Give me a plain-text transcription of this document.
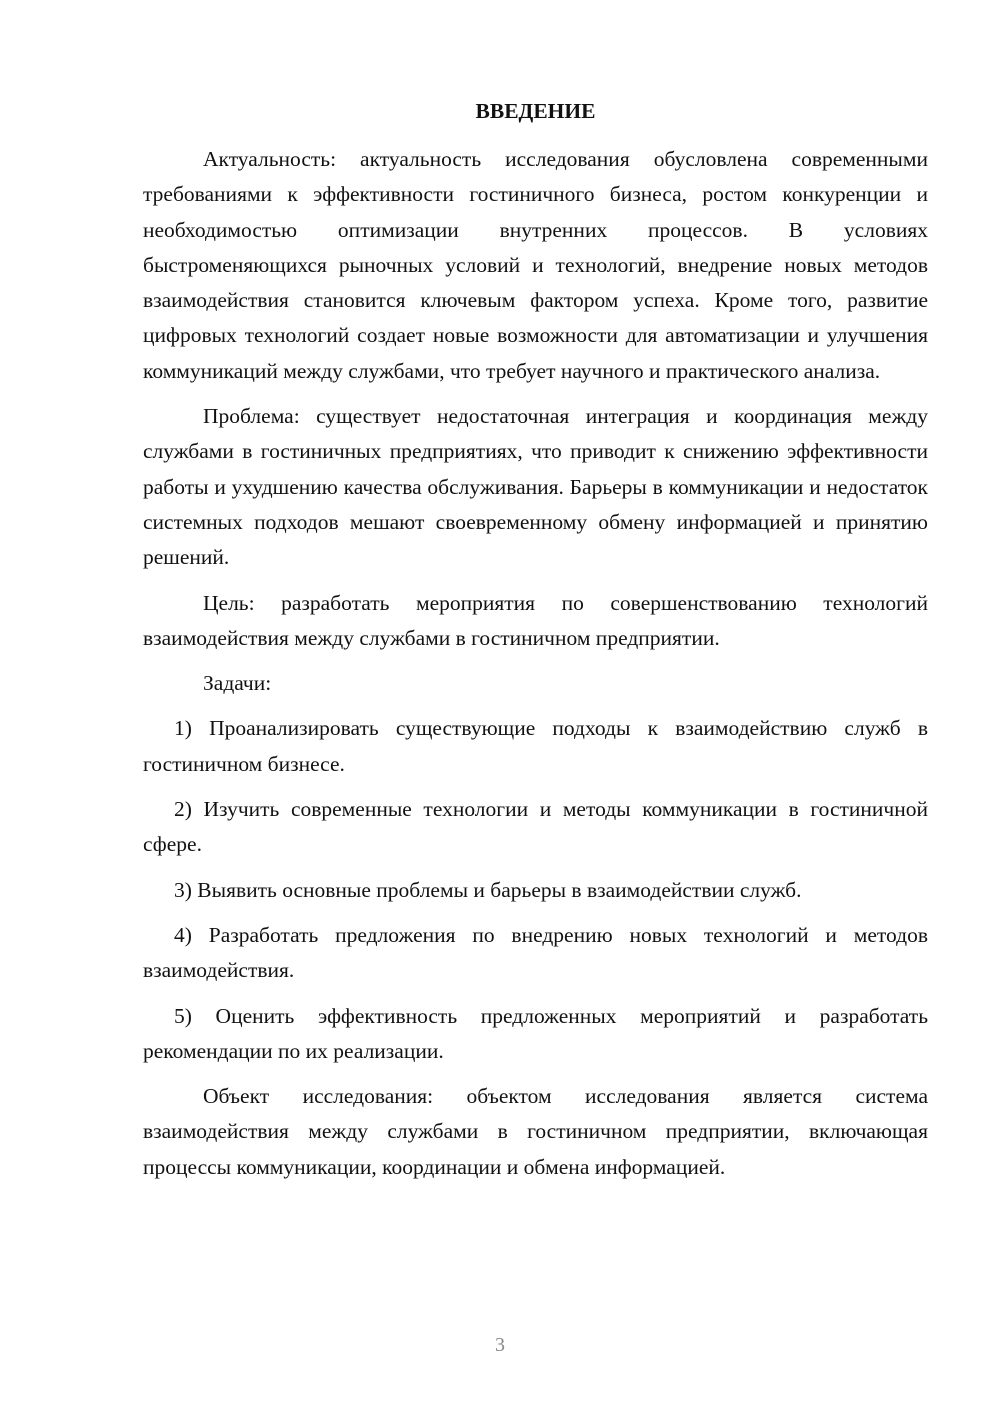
ВВЕДЕНИЕ

Актуальность: актуальность исследования обусловлена современными требованиями к эффективности гостиничного бизнеса, ростом конкуренции и необходимостью оптимизации внутренних процессов. В условиях быстроменяющихся рыночных условий и технологий, внедрение новых методов взаимодействия становится ключевым фактором успеха. Кроме того, развитие цифровых технологий создает новые возможности для автоматизации и улучшения коммуникаций между службами, что требует научного и практического анализа.

Проблема: существует недостаточная интеграция и координация между службами в гостиничных предприятиях, что приводит к снижению эффективности работы и ухудшению качества обслуживания. Барьеры в коммуникации и недостаток системных подходов мешают своевременному обмену информацией и принятию решений.

Цель: разработать мероприятия по совершенствованию технологий взаимодействия между службами в гостиничном предприятии.

Задачи:

1) Проанализировать существующие подходы к взаимодействию служб в гостиничном бизнесе.

2) Изучить современные технологии и методы коммуникации в гостиничной сфере.

3) Выявить основные проблемы и барьеры в взаимодействии служб.

4) Разработать предложения по внедрению новых технологий и методов взаимодействия.

5) Оценить эффективность предложенных мероприятий и разработать рекомендации по их реализации.

Объект исследования: объектом исследования является система взаимодействия между службами в гостиничном предприятии, включающая процессы коммуникации, координации и обмена информацией.

3
